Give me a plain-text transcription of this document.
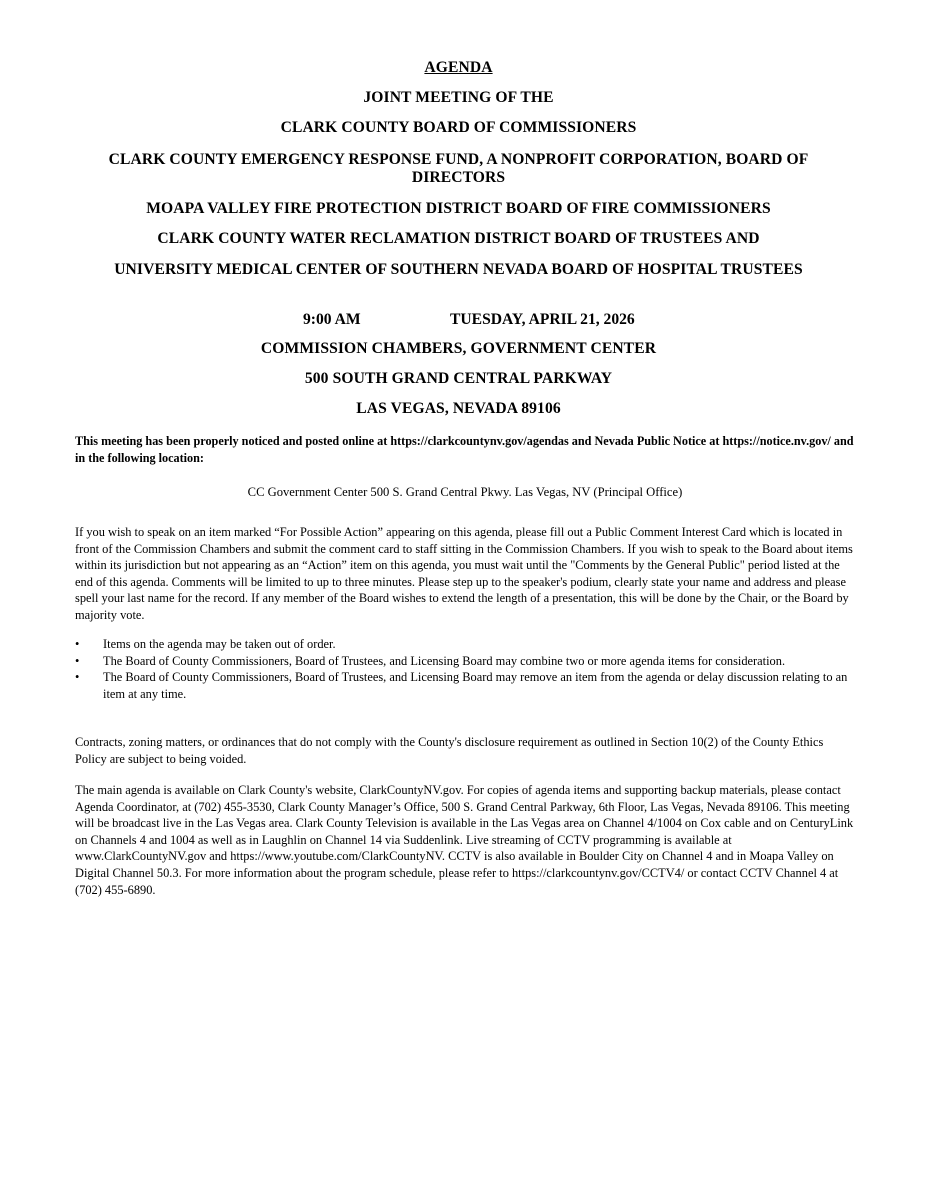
AGENDA
JOINT MEETING OF THE
CLARK COUNTY BOARD OF COMMISSIONERS
CLARK COUNTY EMERGENCY RESPONSE FUND, A NONPROFIT CORPORATION, BOARD OF DIRECTORS
MOAPA VALLEY FIRE PROTECTION DISTRICT BOARD OF FIRE COMMISSIONERS
CLARK COUNTY WATER RECLAMATION DISTRICT BOARD OF TRUSTEES AND
UNIVERSITY MEDICAL CENTER OF SOUTHERN NEVADA BOARD OF HOSPITAL TRUSTEES
9:00 AM	TUESDAY, APRIL 21, 2026
COMMISSION CHAMBERS, GOVERNMENT CENTER
500 SOUTH GRAND CENTRAL PARKWAY
LAS VEGAS, NEVADA 89106
This meeting has been properly noticed and posted online at https://clarkcountynv.gov/agendas and Nevada Public Notice at https://notice.nv.gov/ and in the following location:
CC Government Center 500 S. Grand Central Pkwy. Las Vegas, NV (Principal Office)
If you wish to speak on an item marked “For Possible Action” appearing on this agenda, please fill out a Public Comment Interest Card which is located in front of the Commission Chambers and submit the comment card to staff sitting in the Commission Chambers. If you wish to speak to the Board about items within its jurisdiction but not appearing as an “Action” item on this agenda, you must wait until the "Comments by the General Public" period listed at the end of this agenda. Comments will be limited to up to three minutes. Please step up to the speaker's podium, clearly state your name and address and please spell your last name for the record. If any member of the Board wishes to extend the length of a presentation, this will be done by the Chair, or the Board by majority vote.
• Items on the agenda may be taken out of order.
• The Board of County Commissioners, Board of Trustees, and Licensing Board may combine two or more agenda items for consideration.
• The Board of County Commissioners, Board of Trustees, and Licensing Board may remove an item from the agenda or delay discussion relating to an item at any time.
Contracts, zoning matters, or ordinances that do not comply with the County's disclosure requirement as outlined in Section 10(2) of the County Ethics Policy are subject to being voided.
The main agenda is available on Clark County's website, ClarkCountyNV.gov. For copies of agenda items and supporting backup materials, please contact Agenda Coordinator, at (702) 455-3530, Clark County Manager’s Office, 500 S. Grand Central Parkway, 6th Floor, Las Vegas, Nevada 89106. This meeting will be broadcast live in the Las Vegas area. Clark County Television is available in the Las Vegas area on Channel 4/1004 on Cox cable and on CenturyLink on Channels 4 and 1004 as well as in Laughlin on Channel 14 via Suddenlink. Live streaming of CCTV programming is available at www.ClarkCountyNV.gov and https://www.youtube.com/ClarkCountyNV. CCTV is also available in Boulder City on Channel 4 and in Moapa Valley on Digital Channel 50.3. For more information about the program schedule, please refer to https://clarkcountynv.gov/CCTV4/ or contact CCTV Channel 4 at (702) 455-6890.
